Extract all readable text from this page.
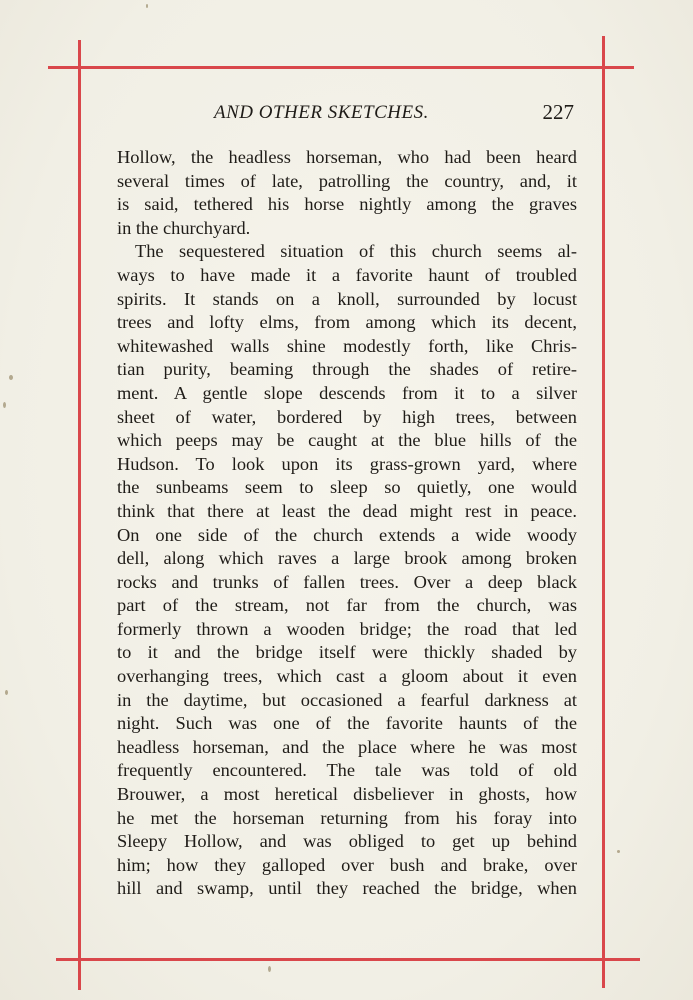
AND OTHER SKETCHES.	227
Hollow, the headless horseman, who had been heard
several times of late, patrolling the country, and, it
is said, tethered his horse nightly among the graves
in the churchyard.
The sequestered situation of this church seems al-
ways to have made it a favorite haunt of troubled
spirits. It stands on a knoll, surrounded by locust
trees and lofty elms, from among which its decent,
whitewashed walls shine modestly forth, like Chris-
tian purity, beaming through the shades of retire-
ment. A gentle slope descends from it to a silver
sheet of water, bordered by high trees, between
which peeps may be caught at the blue hills of the
Hudson. To look upon its grass-grown yard, where
the sunbeams seem to sleep so quietly, one would
think that there at least the dead might rest in peace.
On one side of the church extends a wide woody
dell, along which raves a large brook among broken
rocks and trunks of fallen trees. Over a deep black
part of the stream, not far from the church, was
formerly thrown a wooden bridge; the road that led
to it and the bridge itself were thickly shaded by
overhanging trees, which cast a gloom about it even
in the daytime, but occasioned a fearful darkness at
night. Such was one of the favorite haunts of the
headless horseman, and the place where he was most
frequently encountered. The tale was told of old
Brouwer, a most heretical disbeliever in ghosts, how
he met the horseman returning from his foray into
Sleepy Hollow, and was obliged to get up behind
him; how they galloped over bush and brake, over
hill and swamp, until they reached the bridge, when
